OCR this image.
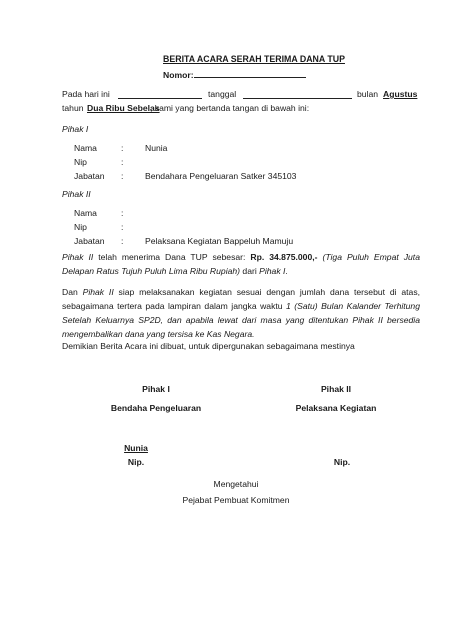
BERITA ACARA SERAH TERIMA DANA TUP
Nomor:
Pada hari ini	tanggal	bulan Agustus
tahun Dua Ribu Sebelas
, kami yang bertanda tangan di bawah ini:
Pihak I
Nama	:	Nunia
Nip	:
Jabatan :	Bendahara Pengeluaran Satker 345103
Pihak II
Nama	:
Nip	:
Jabatan :	Pelaksana Kegiatan Bappeluh Mamuju
Pihak II telah menerima Dana TUP sebesar: Rp. 34.875.000,- (Tiga Puluh Empat Juta Delapan Ratus Tujuh Puluh Lima Ribu Rupiah) dari Pihak I.
Dan Pihak II siap melaksanakan kegiatan sesuai dengan jumlah dana tersebut di atas, sebagaimana tertera pada lampiran dalam jangka waktu 1 (Satu) Bulan Kalander Terhitung Setelah Keluarnya SP2D, dan apabila lewat dari masa yang ditentukan Pihak II bersedia mengembalikan dana yang tersisa ke Kas Negara.
Demikian Berita Acara ini dibuat, untuk dipergunakan sebagaimana mestinya
Pihak I	Pihak II
Bendaha Pengeluaran	Pelaksana Kegiatan
Nunia
Nip.	Nip.
Mengetahui
Pejabat Pembuat Komitmen
